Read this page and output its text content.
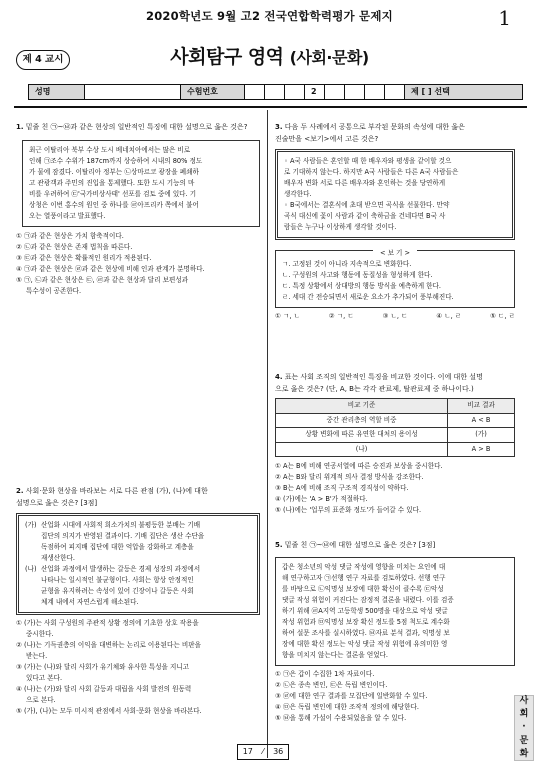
2020학년도 9월 고2 전국연합학력평가 문제지	1
제 4 교시	사회탐구 영역 (사회·문화)
성명	수험번호	2	제 [ ] 선택
1. 밑줄 친 ㉠~㉥과 같은 현상의 일반적인 특징에 대한 설명으로 옳은 것은?
최근 이탈리아 북부 수상 도시 베네치아에서는 많은 비로
인해 ㉠조수 수위가 187cm까지 상승하여 시내의 80% 정도
가 물에 잠겼다. 이탈리아 정부는 ㉡상마르코 광장을 폐쇄하
고 관광객과 주민의 진입을 통제했다. 또한 도시 기능의 마
비를 우려하여 ㉢'국가비상사태' 선포를 검토 중에 있다. 기
상청은 이번 홍수의 원인 중 하나를 ㉣아프리카 쪽에서 불어
오는 열풍이라고 발표했다.
① ㉠과 같은 현상은 가치 함축적이다.
② ㉡과 같은 현상은 존재 법칙을 따른다.
③ ㉢과 같은 현상은 확률적인 원리가 적용된다.
④ ㉠과 같은 현상은 ㉣과 같은 현상에 비해 인과 관계가 분명하다.
⑤ ㉠, ㉡과 같은 현상은 ㉢, ㉣과 같은 현상과 달리 보편성과
특수성이 공존한다.
2. 사회·문화 현상을 바라보는 서로 다른 관점 (가), (나)에 대한
설명으로 옳은 것은? [3점]
(가) 산업화 시대에 사회적 희소가치의 불평등한 분배는 기배
집단의 의지가 반영된 결과이다. 기배 집단은 생산 수단을
독점하여 피지배 집단에 대한 억압을 강화하고 계층을
재생산한다.
(나) 산업화 과정에서 발생하는 갈등은 경제 성장의 과정에서
나타나는 일시적인 불균형이다. 사회는 항상 안정적인
균형을 유지하려는 속성이 있어 긴장이나 갈등은 사회
체계 내에서 자연스럽게 해소된다.
① (가)는 사회 구성원의 주관적 상황 정의에 기초한 상호 작용을
중시한다.
② (나)는 기득권층의 이익을 대변하는 논리로 이용된다는 비판을
받는다.
③ (가)는 (나)와 달리 사회가 유기체와 유사한 특성을 지니고
있다고 본다.
④ (나)는 (가)와 달리 사회 갈등과 대립을 사회 발전의 원동력
으로 본다.
⑤ (가), (나)는 모두 미시적 관점에서 사회·문화 현상을 바라본다.
3. 다음 두 사례에서 공통으로 부각된 문화의 속성에 대한 옳은
진술만을 <보기>에서 고른 것은?
◦ A국 사람들은 혼인할 때 한 배우자와 평생을 같이할 것으
로 기대하지 않는다. 하지만 A국 사람들은 다른 A국 사람들은
배우자 변화 서로 다른 배우자와 혼인하는 것을 당연하게
생각한다.
◦ B국에서는 결혼식에 초대 받으면 곡식을 선물한다. 만약
곡식 대신에 꽃이 사람과 같이 축하금을 건네다면 B국 사
람들은 누구나 이상하게 생각할 것이다.
< 보 기 >
ㄱ. 고정된 것이 아니라 지속적으로 변화한다.
ㄴ. 구성원의 사고와 행동에 동질성을 형성하게 한다.
ㄷ. 특정 상황에서 상대방의 행동 방식을 예측하게 한다.
ㄹ. 세대 간 전승되면서 새로운 요소가 추가되어 풍부해진다.
① ㄱ, ㄴ	② ㄱ, ㄷ	③ ㄴ, ㄷ	④ ㄴ, ㄹ	⑤ ㄷ, ㄹ
4. 표는 사회 조직의 일반적인 특징을 비교한 것이다. 이에 대한 설명
으로 옳은 것은? (단, A, B는 각각 관료제, 탈관료제 중 하나이다.)
비교 기준	비교 결과
중간 관리층의 역할 비중	A < B
상황 변화에 따른 유연한 대처의 용이성	(가)
(나)	A > B
① A는 B에 비해 연공서열에 따른 승진과 보상을 중시한다.
② A는 B와 달리 위계적 의사 결정 방식을 강조한다.
③ B는 A에 비해 조직 구조적 경직성이 약하다.
④ (가)에는 'A > B'가 적절하다.
⑤ (나)에는 '업무의 표준화 정도'가 들어갈 수 있다.
5. 밑줄 친 ㉠~㉥에 대한 설명으로 옳은 것은? [3점]
갑은 청소년의 악성 댓글 작성에 영향을 미치는 요인에 대
해 연구하고자 ㉠선행 연구 자료를 검토하였다. 선행 연구
를 바탕으로 ㉡익명성 보장에 대한 확신이 클수록 ㉢악성
댓글 작성 위험이 커진다는 잠정적 결론을 내렸다. 이를 검증
하기 위해 ㉣A지역 고등학생 500명을 대상으로 악성 댓글
작성 위험과 ㉤익명성 보장 확신 정도를 5점 척도로 계수화
하여 설문 조사를 실시하였다. ㉥자료 분석 결과, 익명성 보
장에 대한 확신 정도는 악성 댓글 작성 위험에 유의미한 영
향을 미치지 않는다는 결론을 얻었다.
① ㉠은 갑이 수집한 1차 자료이다.
② ㉡은 종속 변인, ㉢은 독립 변인이다.
③ ㉣에 대한 연구 결과를 모집단에 일반화할 수 있다.
④ ㉤은 독립 변인에 대한 조작적 정의에 해당한다.
⑤ ㉥을 통해 가설이 수용되었음을 알 수 있다.
사
회
·
문
화
17 ⁄ 36
